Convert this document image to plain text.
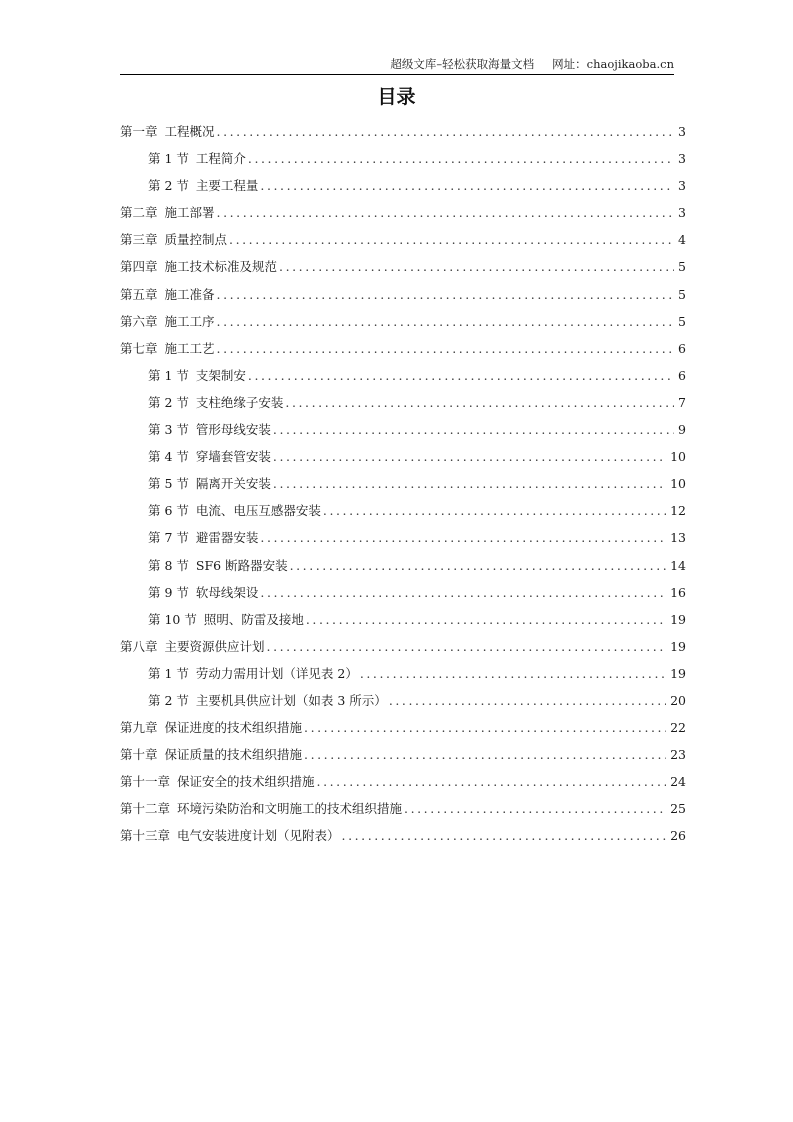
超级文库–轻松获取海量文档 网址：chaojikaoba.cn
目录
第一章 工程概况 . . .	3
第 1 节 工程简介 . . .	3
第 2 节 主要工程量 . . .	3
第二章 施工部署 . . .	3
第三章 质量控制点 . . .	4
第四章 施工技术标准及规范 . . .	5
第五章 施工准备 . . .	5
第六章 施工工序 . . .	5
第七章 施工工艺 . . .	6
第 1 节 支架制安 . . .	6
第 2 节 支柱绝缘子安装 . . .	7
第 3 节 管形母线安装 . . .	9
第 4 节 穿墙套管安装 . . .	10
第 5 节 隔离开关安装 . . .	10
第 6 节 电流、电压互感器安装 . . .	12
第 7 节 避雷器安装 . . .	13
第 8 节 SF6 断路器安装 . . .	14
第 9 节 软母线架设 . . .	16
第 10 节 照明、防雷及接地 . . .	19
第八章 主要资源供应计划 . . .	19
第 1 节 劳动力需用计划（详见表 2） . . .	19
第 2 节 主要机具供应计划（如表 3 所示） . . .	20
第九章 保证进度的技术组织措施 . . .	22
第十章 保证质量的技术组织措施 . . .	23
第十一章 保证安全的技术组织措施 . . .	24
第十二章 环境污染防治和文明施工的技术组织措施 . . .	25
第十三章 电气安装进度计划（见附表） . . .	26
